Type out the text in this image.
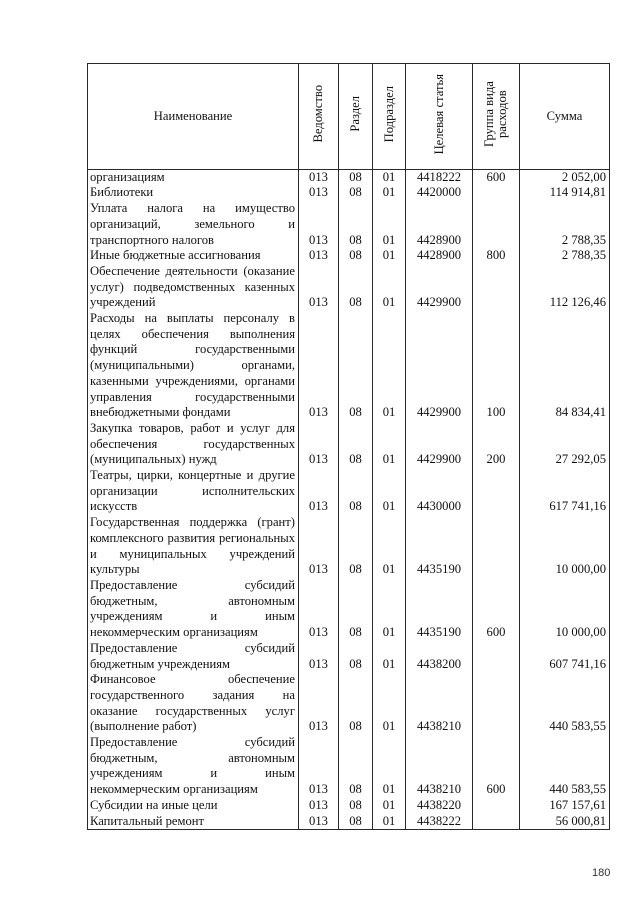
Наименование	Ведомство	Раздел	Подраздел	Целевая статья	Группа вида расходов	Сумма
организациям	013	08	01	4418222	600	2 052,00
Библиотеки	013	08	01	4420000		114 914,81
Уплата налога на имущество организаций, земельного и транспортного налогов	013	08	01	4428900		2 788,35
Иные бюджетные ассигнования	013	08	01	4428900	800	2 788,35
Обеспечение деятельности (оказание услуг) подведомственных казенных учреждений	013	08	01	4429900		112 126,46
Расходы на выплаты персоналу в целях обеспечения выполнения функций государственными (муниципальными) органами, казенными учреждениями, органами управления государственными внебюджетными фондами	013	08	01	4429900	100	84 834,41
Закупка товаров, работ и услуг для обеспечения государственных (муниципальных) нужд	013	08	01	4429900	200	27 292,05
Театры, цирки, концертные и другие организации исполнительских искусств	013	08	01	4430000		617 741,16
Государственная поддержка (грант) комплексного развития региональных и муниципальных учреждений культуры	013	08	01	4435190		10 000,00
Предоставление субсидий бюджетным, автономным учреждениям и иным некоммерческим организациям	013	08	01	4435190	600	10 000,00
Предоставление субсидий бюджетным учреждениям	013	08	01	4438200		607 741,16
Финансовое обеспечение государственного задания на оказание государственных услуг (выполнение работ)	013	08	01	4438210		440 583,55
Предоставление субсидий бюджетным, автономным учреждениям и иным некоммерческим организациям	013	08	01	4438210	600	440 583,55
Субсидии на иные цели	013	08	01	4438220		167 157,61
Капитальный ремонт	013	08	01	4438222		56 000,81
180
